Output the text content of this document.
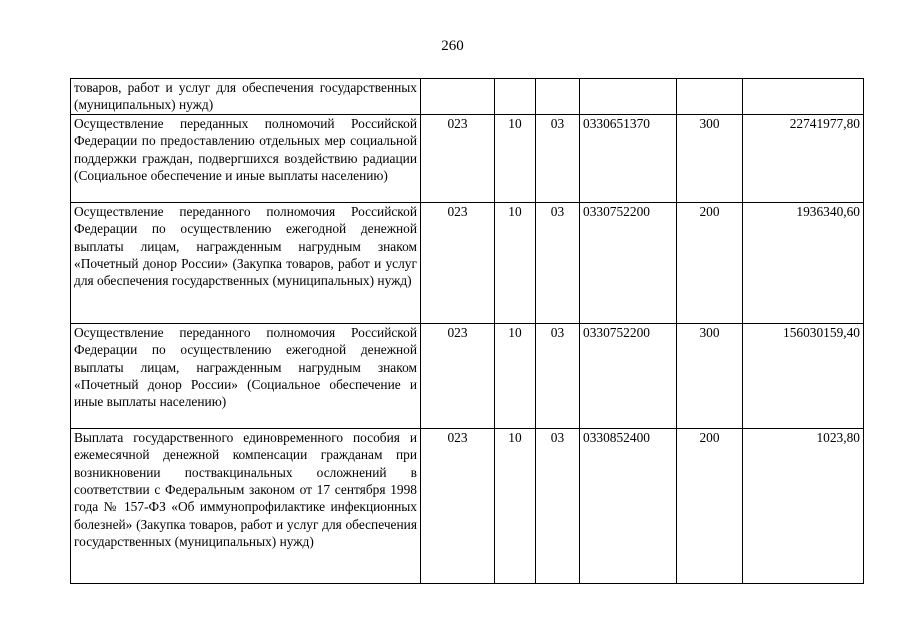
260
товаров, работ и услуг для обеспечения государственных (муниципальных) нужд)						
Осуществление переданных полномочий Российской Федерации по предоставлению отдельных мер социальной поддержки граждан, подвергшихся воздействию радиации (Социальное обеспечение и иные выплаты населению)	023	10	03	0330651370	300	22741977,80
Осуществление переданного полномочия Российской Федерации по осуществлению ежегодной денежной выплаты лицам, награжденным нагрудным знаком «Почетный донор России» (Закупка товаров, работ и услуг для обеспечения государственных (муниципальных) нужд)	023	10	03	0330752200	200	1936340,60
Осуществление переданного полномочия Российской Федерации по осуществлению ежегодной денежной выплаты лицам, награжденным нагрудным знаком «Почетный донор России» (Социальное обеспечение и иные выплаты населению)	023	10	03	0330752200	300	156030159,40
Выплата государственного единовременного пособия и ежемесячной денежной компенсации гражданам при возникновении поствакцинальных осложнений в соответствии с Федеральным законом от 17 сентября 1998 года № 157-ФЗ «Об иммунопрофилактике инфекционных болезней» (Закупка товаров, работ и услуг для обеспечения государственных (муниципальных) нужд)	023	10	03	0330852400	200	1023,80
